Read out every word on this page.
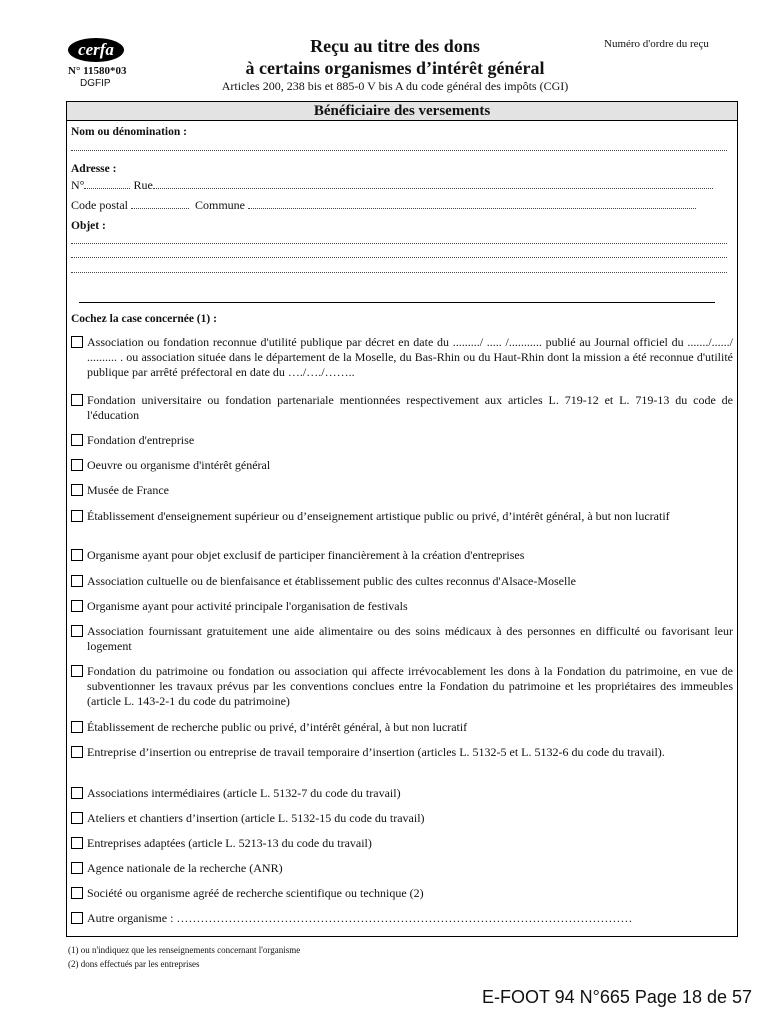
cerfa
N° 11580*03
DGFIP
Reçu au titre des dons
à certains organismes d’intérêt général
Articles 200, 238 bis et 885-0 V bis A du code général des impôts (CGI)
Numéro d'ordre du reçu
Bénéficiaire des versements
Nom ou dénomination :
Adresse :
N°	Rue
Code postal	Commune
Objet :
Cochez la case concernée (1) :
Association ou fondation reconnue d'utilité publique par décret en date du ........./ ..... /........... publié au Journal officiel du ......./....../ .......... . ou association située dans le département de la Moselle, du Bas-Rhin ou du Haut-Rhin dont la mission a été reconnue d'utilité publique par arrêté préfectoral en date du …./…./……..
Fondation universitaire ou fondation partenariale mentionnées respectivement aux articles L. 719-12 et L. 719-13 du code de l'éducation
Fondation d'entreprise
Oeuvre ou organisme d'intérêt général
Musée de France
Établissement d'enseignement supérieur ou d’enseignement artistique public ou privé, d’intérêt général, à but non lucratif
Organisme ayant pour objet exclusif de participer financièrement à la création d'entreprises
Association cultuelle ou de bienfaisance et établissement public des cultes reconnus d'Alsace-Moselle
Organisme ayant pour activité principale l'organisation de festivals
Association fournissant gratuitement une aide alimentaire ou des soins médicaux à des personnes en difficulté ou favorisant leur logement
Fondation du patrimoine ou fondation ou association qui affecte irrévocablement les dons à la Fondation du patrimoine, en vue de subventionner les travaux prévus par les conventions conclues entre la Fondation du patrimoine et les propriétaires des immeubles (article L. 143-2-1 du code du patrimoine)
Établissement de recherche public ou privé, d’intérêt général, à but non lucratif
Entreprise d’insertion ou entreprise de travail temporaire d’insertion (articles L. 5132-5 et L. 5132-6 du code du travail).
Associations intermédiaires (article L. 5132-7 du code du travail)
Ateliers et chantiers d’insertion (article L. 5132-15 du code du travail)
Entreprises adaptées (article L. 5213-13 du code du travail)
Agence nationale de la recherche (ANR)
Société ou organisme agréé de recherche scientifique ou technique (2)
Autre organisme : ……………………………………………………………………………………………………
(1) ou n'indiquez que les renseignements concernant l'organisme
(2) dons effectués par les entreprises
E-FOOT 94 N°665 Page 18 de 57
